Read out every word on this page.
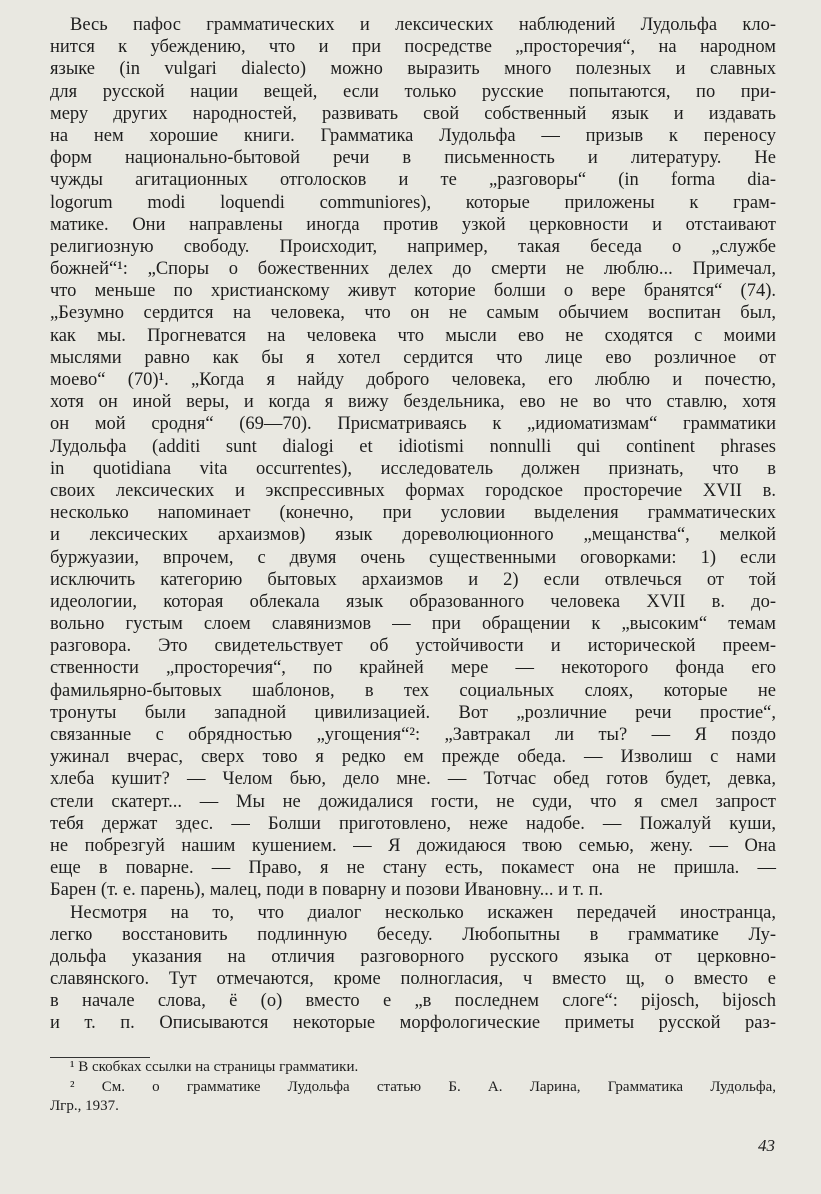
Весь пафос грамматических и лексических наблюдений Лудольфа кло-
нится к убеждению, что и при посредстве „просторечия“, на народном
языке (in vulgari dialecto) можно выразить много полезных и славных
для русской нации вещей, если только русские попытаются, по при-
меру других народностей, развивать свой собственный язык и издавать
на нем хорошие книги. Грамматика Лудольфа — призыв к переносу
форм национально-бытовой речи в письменность и литературу. Не
чужды агитационных отголосков и те „разговоры“ (in forma dia-
logorum modi loquendi communiores), которые приложены к грам-
матике. Они направлены иногда против узкой церковности и отстаивают
религиозную свободу. Происходит, например, такая беседа о „службе
божней“¹: „Споры о божественних делех до смерти не люблю... Примечал,
что меньше по христианскому живут которие болши о вере бранятся“ (74).
„Безумно сердится на человека, что он не самым обычием воспитан был,
как мы. Прогневатся на человека что мысли ево не сходятся с моими
мыслями равно как бы я хотел сердится что лице ево розличное от
моево“ (70)¹. „Когда я найду доброго человека, его люблю и почестю,
хотя он иной веры, и когда я вижу бездельника, ево не во что ставлю, хотя
он мой сродня“ (69—70). Присматриваясь к „идиоматизмам“ грамматики
Лудольфа (additi sunt dialogi et idiotismi nonnulli qui continent phrases
in quotidiana vita occurrentes), исследователь должен признать, что в
своих лексических и экспрессивных формах городское просторечие XVII в.
несколько напоминает (конечно, при условии выделения грамматических
и лексических архаизмов) язык дореволюционного „мещанства“, мелкой
буржуазии, впрочем, с двумя очень существенными оговорками: 1) если
исключить категорию бытовых архаизмов и 2) если отвлечься от той
идеологии, которая облекала язык образованного человека XVII в. до-
вольно густым слоем славянизмов — при обращении к „высоким“ темам
разговора. Это свидетельствует об устойчивости и исторической преем-
ственности „просторечия“, по крайней мере — некоторого фонда его
фамильярно-бытовых шаблонов, в тех социальных слоях, которые не
тронуты были западной цивилизацией. Вот „розличние речи простие“,
связанные с обрядностью „угощения“²: „Завтракал ли ты? — Я поздо
ужинал вчерас, сверх тово я редко ем прежде обеда. — Изволиш с нами
хлеба кушит? — Челом бью, дело мне. — Тотчас обед готов будет, девка,
стели скатерт... — Мы не дожидалися гости, не суди, что я смел запрост
тебя держат здес. — Болши приготовлено, неже надобе. — Пожалуй куши,
не побрезгуй нашим кушением. — Я дожидаюся твою семью, жену. — Она
еще в поварне. — Право, я не стану есть, покамест она не пришла. —
Барен (т. е. парень), малец, поди в поварну и позови Ивановну... и т. п.
Несмотря на то, что диалог несколько искажен передачей иностранца,
легко восстановить подлинную беседу. Любопытны в грамматике Лу-
дольфа указания на отличия разговорного русского языка от церковно-
славянского. Тут отмечаются, кроме полногласия, ч вместо щ, о вместо е
в начале слова, ё (о) вместо е „в последнем слоге“: pijosch, bijosch
и т. п. Описываются некоторые морфологические приметы русской раз-
¹ В скобках ссылки на страницы грамматики.
² См. о грамматике Лудольфа статью Б. А. Ларина, Грамматика Лудольфа,
Лгр., 1937.
43
